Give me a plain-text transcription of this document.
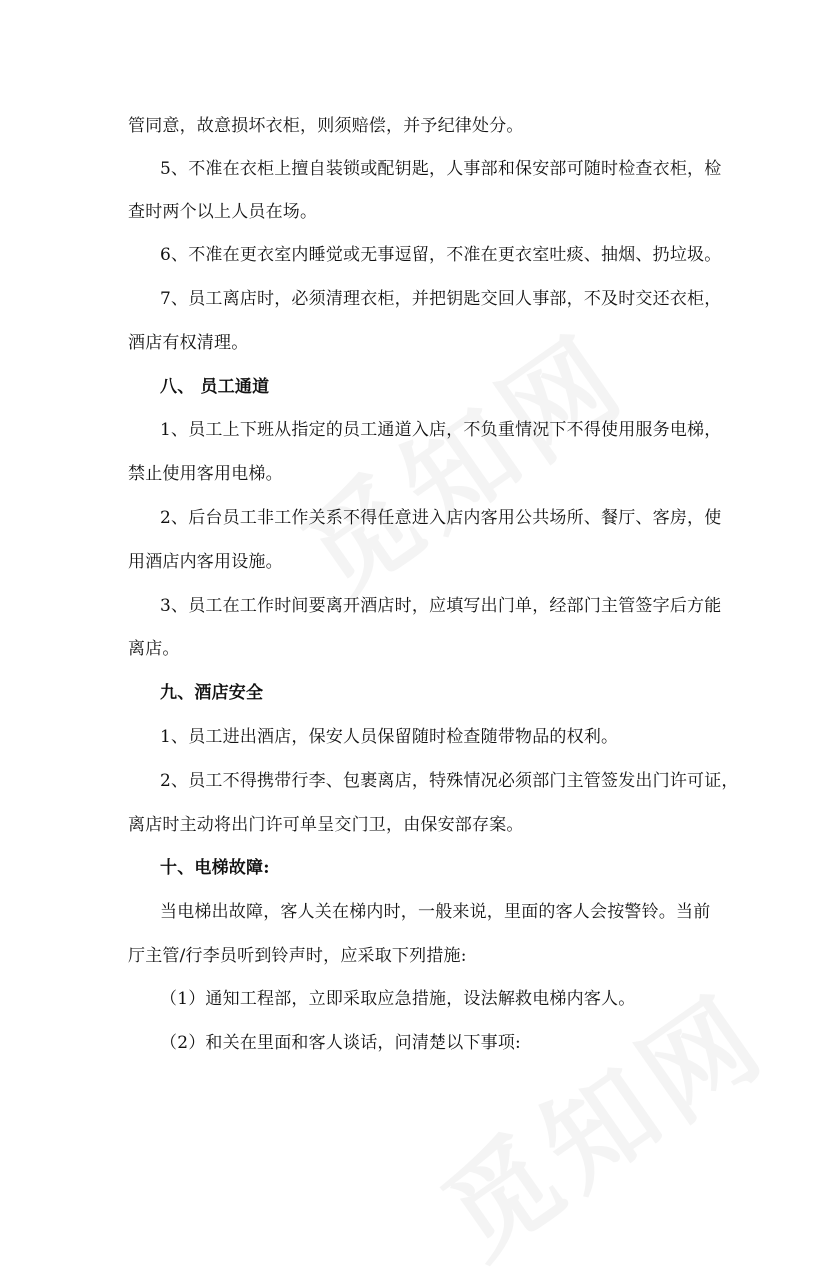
管同意，故意损坏衣柜，则须赔偿，并予纪律处分。
5、不准在衣柜上擅自装锁或配钥匙，人事部和保安部可随时检查衣柜，检
查时两个以上人员在场。
6、不准在更衣室内睡觉或无事逗留，不准在更衣室吐痰、抽烟、扔垃圾。
7、员工离店时，必须清理衣柜，并把钥匙交回人事部，不及时交还衣柜，
酒店有权清理。
八、 员工通道
1、员工上下班从指定的员工通道入店，不负重情况下不得使用服务电梯，
禁止使用客用电梯。
2、后台员工非工作关系不得任意进入店内客用公共场所、餐厅、客房，使
用酒店内客用设施。
3、员工在工作时间要离开酒店时，应填写出门单，经部门主管签字后方能
离店。
九、酒店安全
1、员工进出酒店，保安人员保留随时检查随带物品的权利。
2、员工不得携带行李、包裹离店，特殊情况必须部门主管签发出门许可证，
离店时主动将出门许可单呈交门卫，由保安部存案。
十、电梯故障:
当电梯出故障，客人关在梯内时，一般来说，里面的客人会按警铃。当前
厅主管/行李员听到铃声时，应采取下列措施:
（1）通知工程部，立即采取应急措施，设法解救电梯内客人。
（2）和关在里面和客人谈话，问清楚以下事项:
